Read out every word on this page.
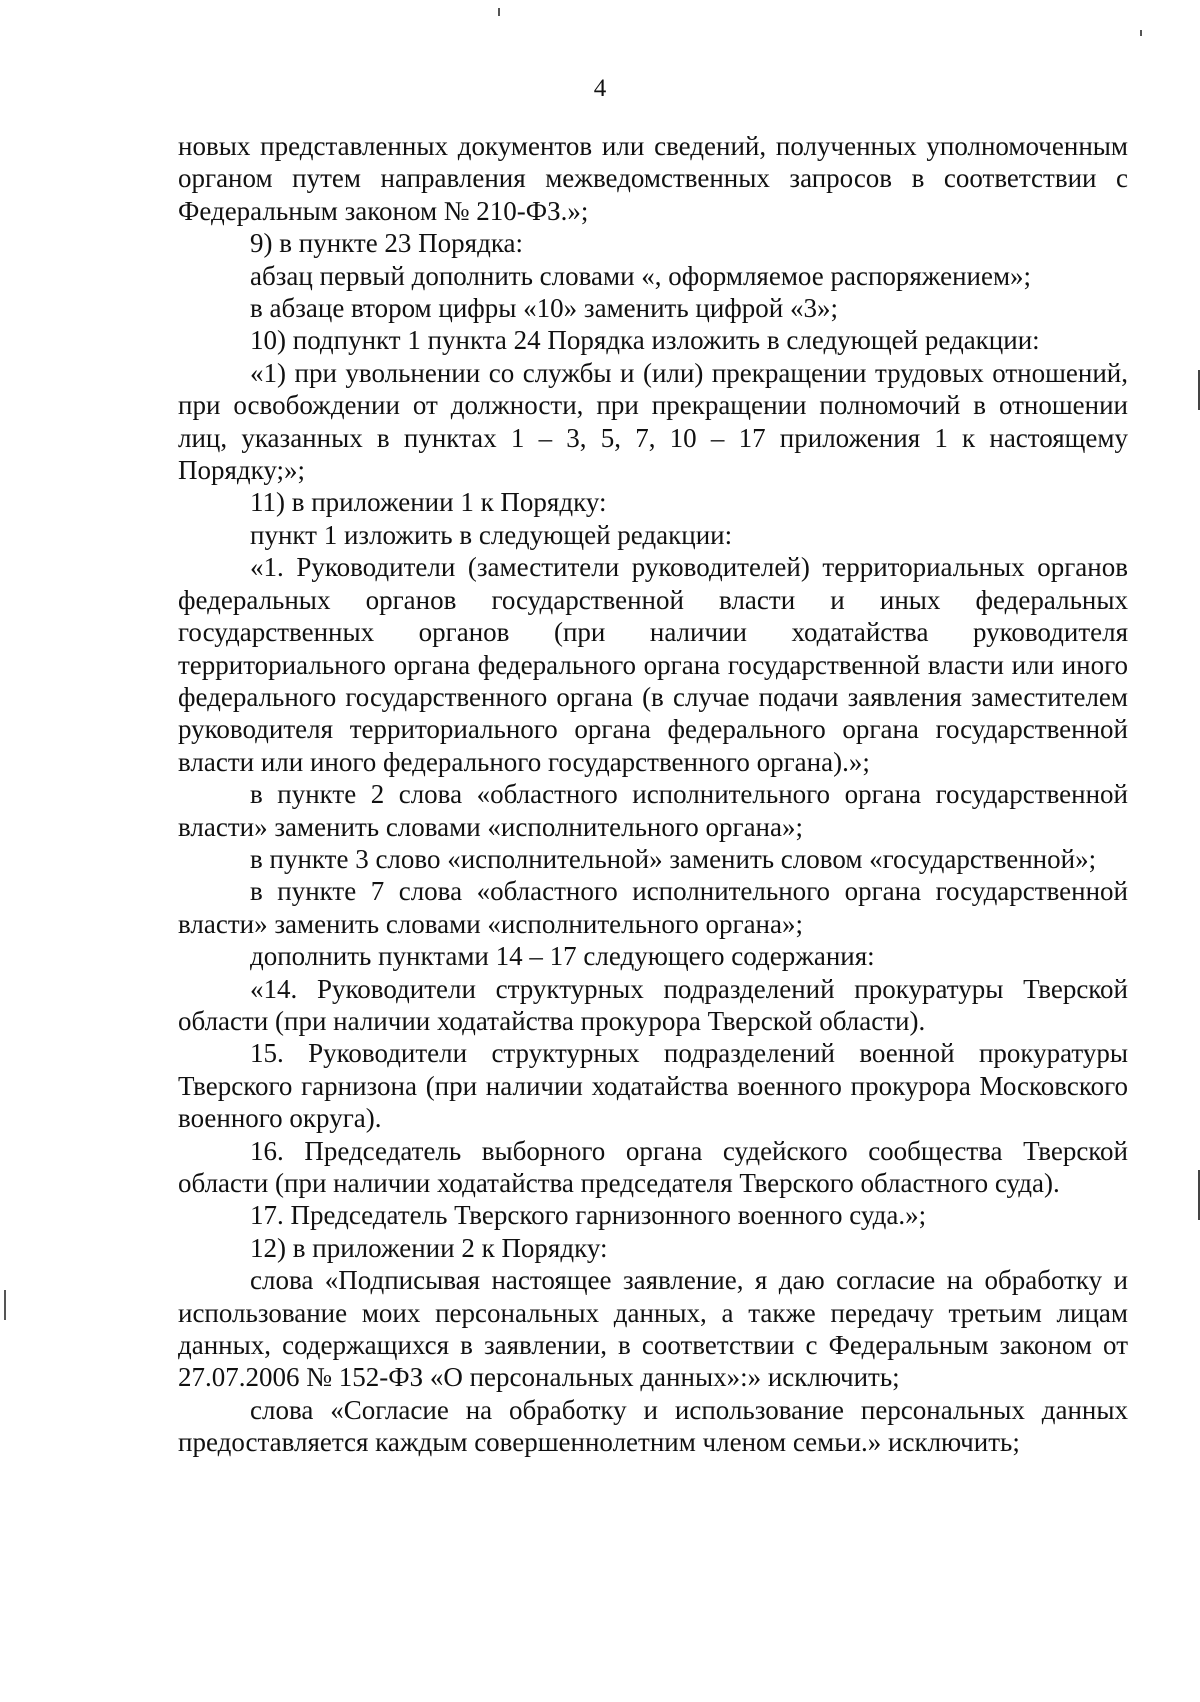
4

новых представленных документов или сведений, полученных уполномоченным органом путем направления межведомственных запросов в соответствии с Федеральным законом № 210-ФЗ.»;

9) в пункте 23 Порядка:

абзац первый дополнить словами «, оформляемое распоряжением»;

в абзаце втором цифры «10» заменить цифрой «3»;

10) подпункт 1 пункта 24 Порядка изложить в следующей редакции:

«1) при увольнении со службы и (или) прекращении трудовых отношений, при освобождении от должности, при прекращении полномочий в отношении лиц, указанных в пунктах 1 – 3, 5, 7, 10 – 17 приложения 1 к настоящему Порядку;»;

11) в приложении 1 к Порядку:

пункт 1 изложить в следующей редакции:

«1. Руководители (заместители руководителей) территориальных органов федеральных органов государственной власти и иных федеральных государственных органов (при наличии ходатайства руководителя территориального органа федерального органа государственной власти или иного федерального государственного органа (в случае подачи заявления заместителем руководителя территориального органа федерального органа государственной власти или иного федерального государственного органа).»;

в пункте 2 слова «областного исполнительного органа государственной власти» заменить словами «исполнительного органа»;

в пункте 3 слово «исполнительной» заменить словом «государственной»;

в пункте 7 слова «областного исполнительного органа государственной власти» заменить словами «исполнительного органа»;

дополнить пунктами 14 – 17 следующего содержания:

«14. Руководители структурных подразделений прокуратуры Тверской области (при наличии ходатайства прокурора Тверской области).

15. Руководители структурных подразделений военной прокуратуры Тверского гарнизона (при наличии ходатайства военного прокурора Московского военного округа).

16. Председатель выборного органа судейского сообщества Тверской области (при наличии ходатайства председателя Тверского областного суда).

17. Председатель Тверского гарнизонного военного суда.»;

12) в приложении 2 к Порядку:

слова «Подписывая настоящее заявление, я даю согласие на обработку и использование моих персональных данных, а также передачу третьим лицам данных, содержащихся в заявлении, в соответствии с Федеральным законом от 27.07.2006 № 152-ФЗ «О персональных данных»:» исключить;

слова «Согласие на обработку и использование персональных данных предоставляется каждым совершеннолетним членом семьи.» исключить;
